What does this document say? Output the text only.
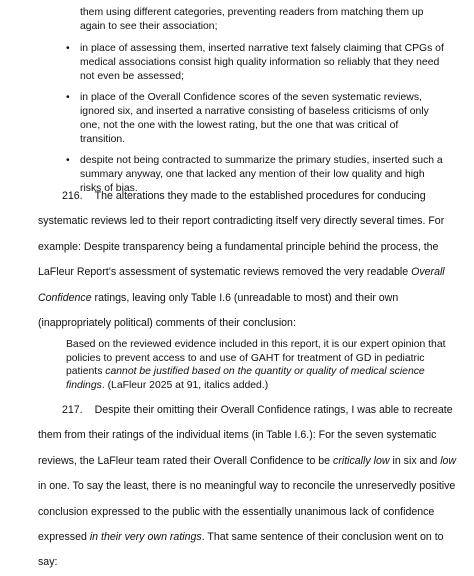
them using different categories, preventing readers from matching them up again to see their association;
• in place of assessing them, inserted narrative text falsely claiming that CPGs of medical associations consist high quality information so reliably that they need not even be assessed;
• in place of the Overall Confidence scores of the seven systematic reviews, ignored six, and inserted a narrative consisting of baseless criticisms of only one, not the one with the lowest rating, but the one that was critical of transition.
• despite not being contracted to summarize the primary studies, inserted such a summary anyway, one that lacked any mention of their low quality and high risks of bias.
216. The alterations they made to the established procedures for conducing systematic reviews led to their report contradicting itself very directly several times. For example: Despite transparency being a fundamental principle behind the process, the LaFleur Report’s assessment of systematic reviews removed the very readable Overall Confidence ratings, leaving only Table I.6 (unreadable to most) and their own (inappropriately political) comments of their conclusion:
Based on the reviewed evidence included in this report, it is our expert opinion that policies to prevent access to and use of GAHT for treatment of GD in pediatric patients cannot be justified based on the quantity or quality of medical science findings. (LaFleur 2025 at 91, italics added.)
217. Despite their omitting their Overall Confidence ratings, I was able to recreate them from their ratings of the individual items (in Table I.6.): For the seven systematic reviews, the LaFleur team rated their Overall Confidence to be critically low in six and low in one. To say the least, there is no meaningful way to reconcile the unreservedly positive conclusion expressed to the public with the essentially unanimous lack of confidence expressed in their very own ratings. That same sentence of their conclusion went on to say:
